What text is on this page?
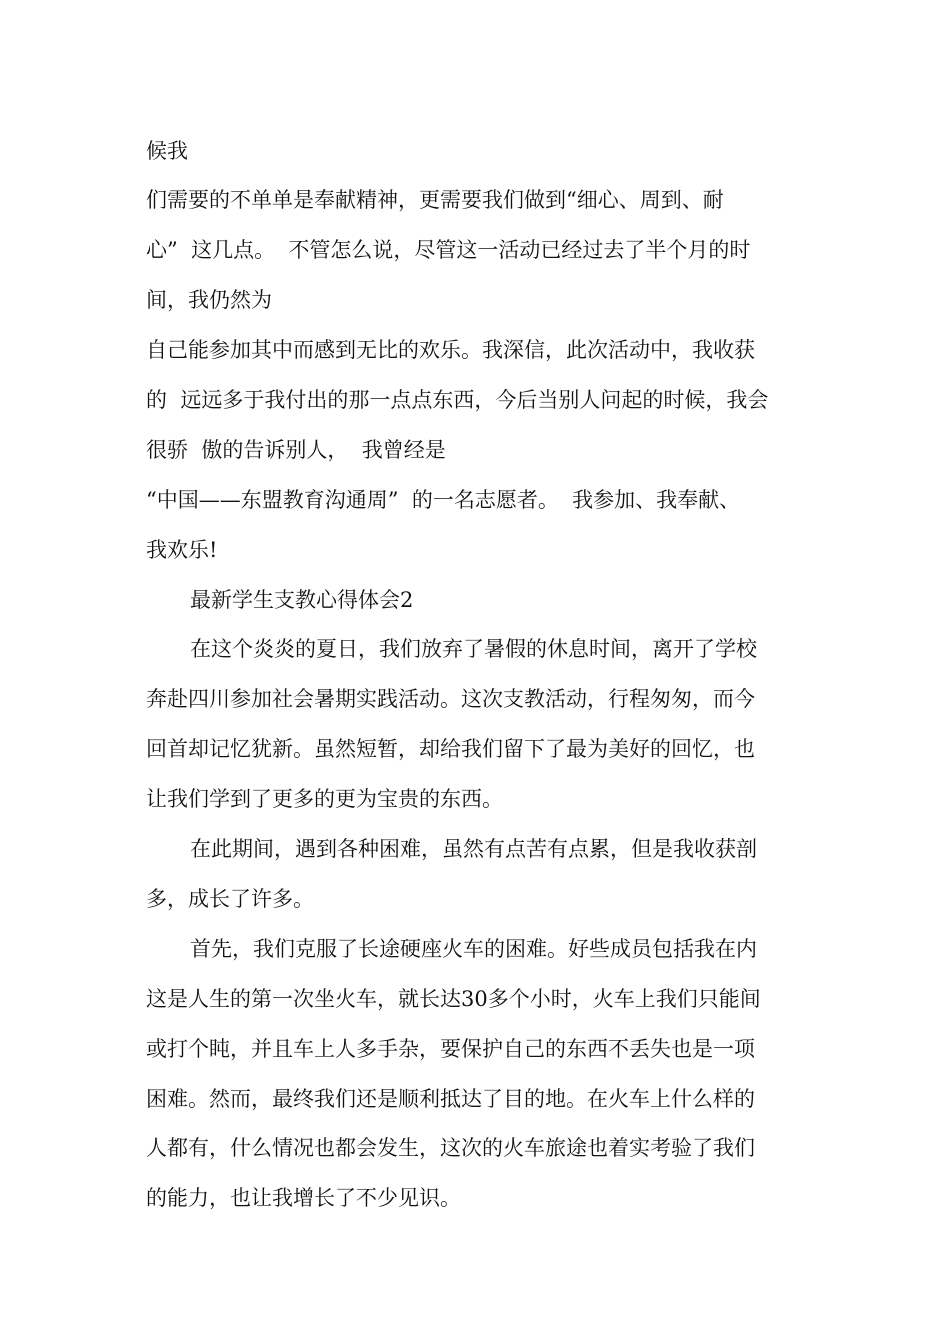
候我

们需要的不单单是奉献精神，更需要我们做到“细心、周到、耐

心”  这几点。  不管怎么说，尽管这一活动已经过去了半个月的时

间，我仍然为

自己能参加其中而感到无比的欢乐。我深信，此次活动中，我收获

的  远远多于我付出的那一点点东西，今后当别人问起的时候，我会

很骄  傲的告诉别人，  我曾经是

“中国——东盟教育沟通周”  的一名志愿者。  我参加、我奉献、

我欢乐!

最新学生支教心得体会2

在这个炎炎的夏日，我们放弃了暑假的休息时间，离开了学校

奔赴四川参加社会暑期实践活动。这次支教活动，行程匆匆，而今

回首却记忆犹新。虽然短暂，却给我们留下了最为美好的回忆，也

让我们学到了更多的更为宝贵的东西。

在此期间，遇到各种困难，虽然有点苦有点累，但是我收获剖

多，成长了许多。

首先，我们克服了长途硬座火车的困难。好些成员包括我在内

这是人生的第一次坐火车，就长达30多个小时，火车上我们只能间

或打个盹，并且车上人多手杂，要保护自己的东西不丢失也是一项

困难。然而，最终我们还是顺利抵达了目的地。在火车上什么样的

人都有，什么情况也都会发生，这次的火车旅途也着实考验了我们

的能力，也让我增长了不少见识。
